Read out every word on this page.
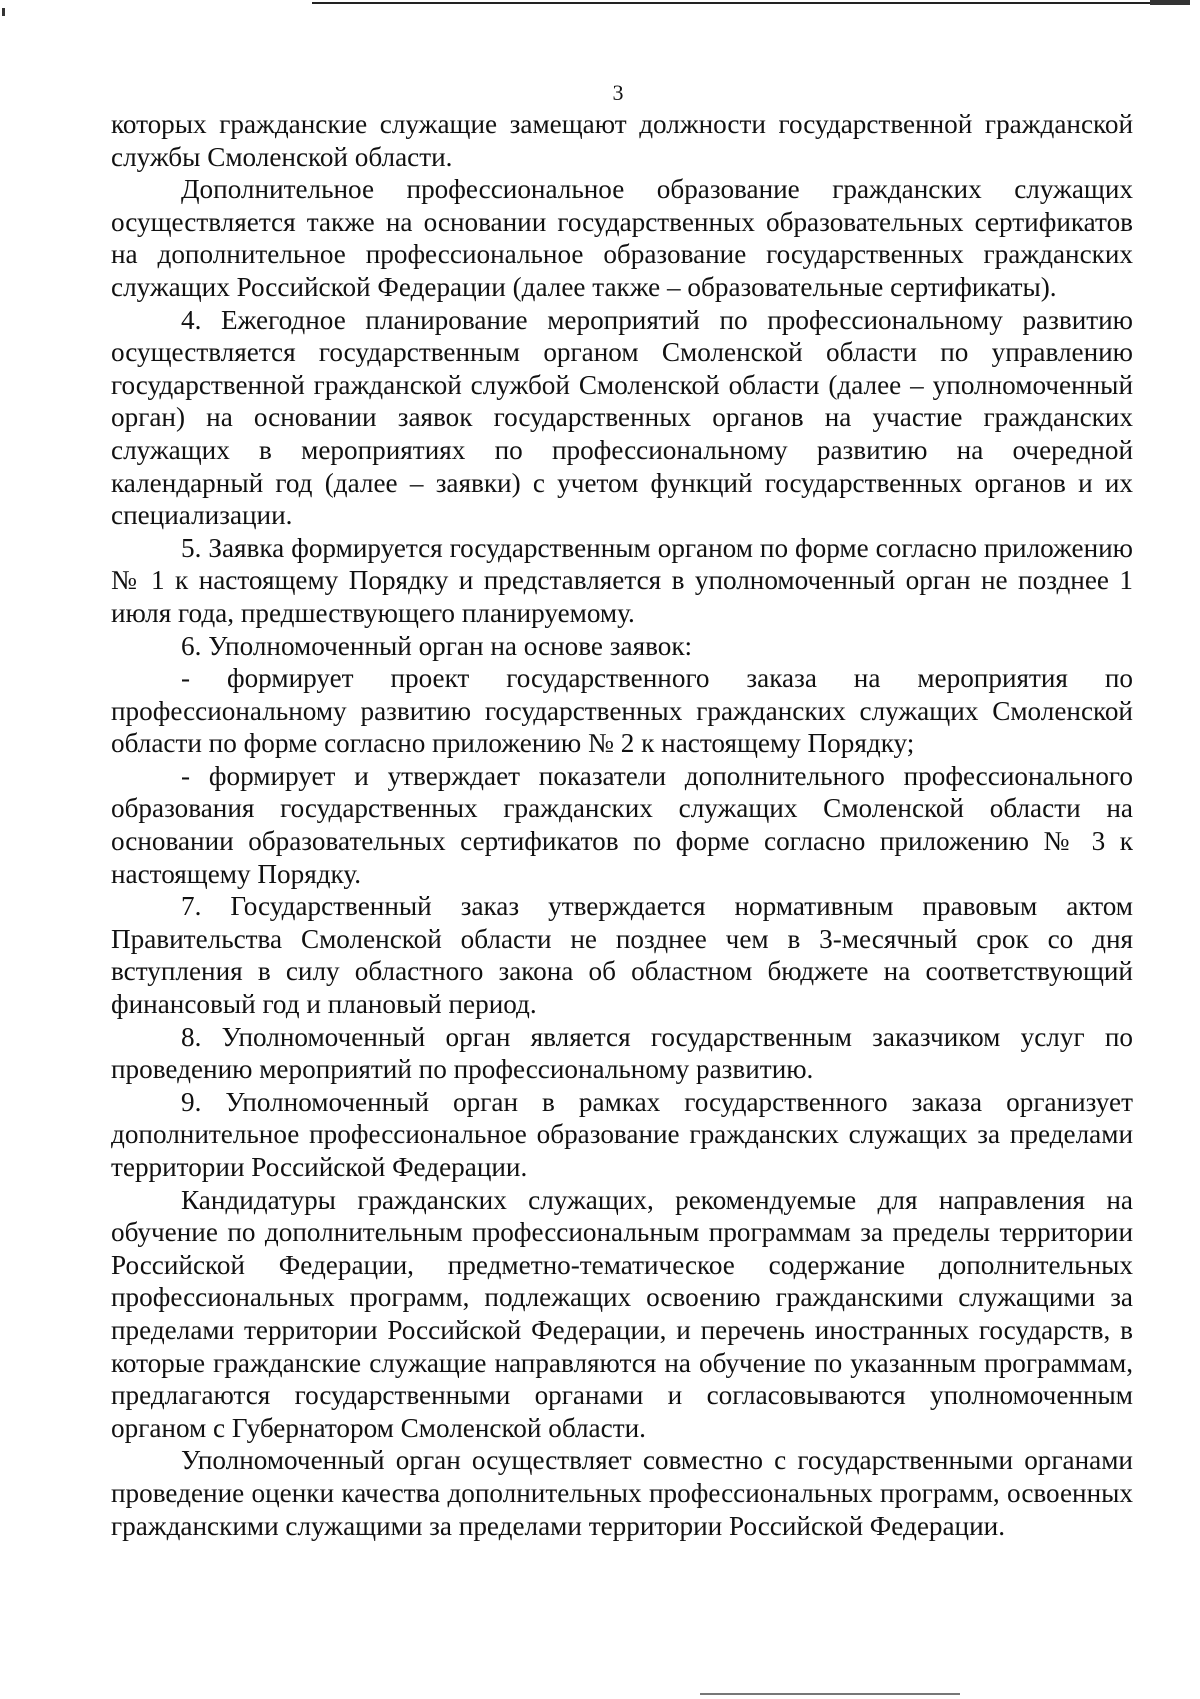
3

которых гражданские служащие замещают должности государственной гражданской службы Смоленской области.

Дополнительное профессиональное образование гражданских служащих осуществляется также на основании государственных образовательных сертификатов на дополнительное профессиональное образование государственных гражданских служащих Российской Федерации (далее также – образовательные сертификаты).

4. Ежегодное планирование мероприятий по профессиональному развитию осуществляется государственным органом Смоленской области по управлению государственной гражданской службой Смоленской области (далее – уполномоченный орган) на основании заявок государственных органов на участие гражданских служащих в мероприятиях по профессиональному развитию на очередной календарный год (далее – заявки) с учетом функций государственных органов и их специализации.

5. Заявка формируется государственным органом по форме согласно приложению № 1 к настоящему Порядку и представляется в уполномоченный орган не позднее 1 июля года, предшествующего планируемому.

6. Уполномоченный орган на основе заявок:

- формирует проект государственного заказа на мероприятия по профессиональному развитию государственных гражданских служащих Смоленской области по форме согласно приложению № 2 к настоящему Порядку;

- формирует и утверждает показатели дополнительного профессионального образования государственных гражданских служащих Смоленской области на основании образовательных сертификатов по форме согласно приложению № 3 к настоящему Порядку.

7. Государственный заказ утверждается нормативным правовым актом Правительства Смоленской области не позднее чем в 3-месячный срок со дня вступления в силу областного закона об областном бюджете на соответствующий финансовый год и плановый период.

8. Уполномоченный орган является государственным заказчиком услуг по проведению мероприятий по профессиональному развитию.

9. Уполномоченный орган в рамках государственного заказа организует дополнительное профессиональное образование гражданских служащих за пределами территории Российской Федерации.

Кандидатуры гражданских служащих, рекомендуемые для направления на обучение по дополнительным профессиональным программам за пределы территории Российской Федерации, предметно-тематическое содержание дополнительных профессиональных программ, подлежащих освоению гражданскими служащими за пределами территории Российской Федерации, и перечень иностранных государств, в которые гражданские служащие направляются на обучение по указанным программам, предлагаются государственными органами и согласовываются уполномоченным органом с Губернатором Смоленской области.

Уполномоченный орган осуществляет совместно с государственными органами проведение оценки качества дополнительных профессиональных программ, освоенных гражданскими служащими за пределами территории Российской Федерации.
